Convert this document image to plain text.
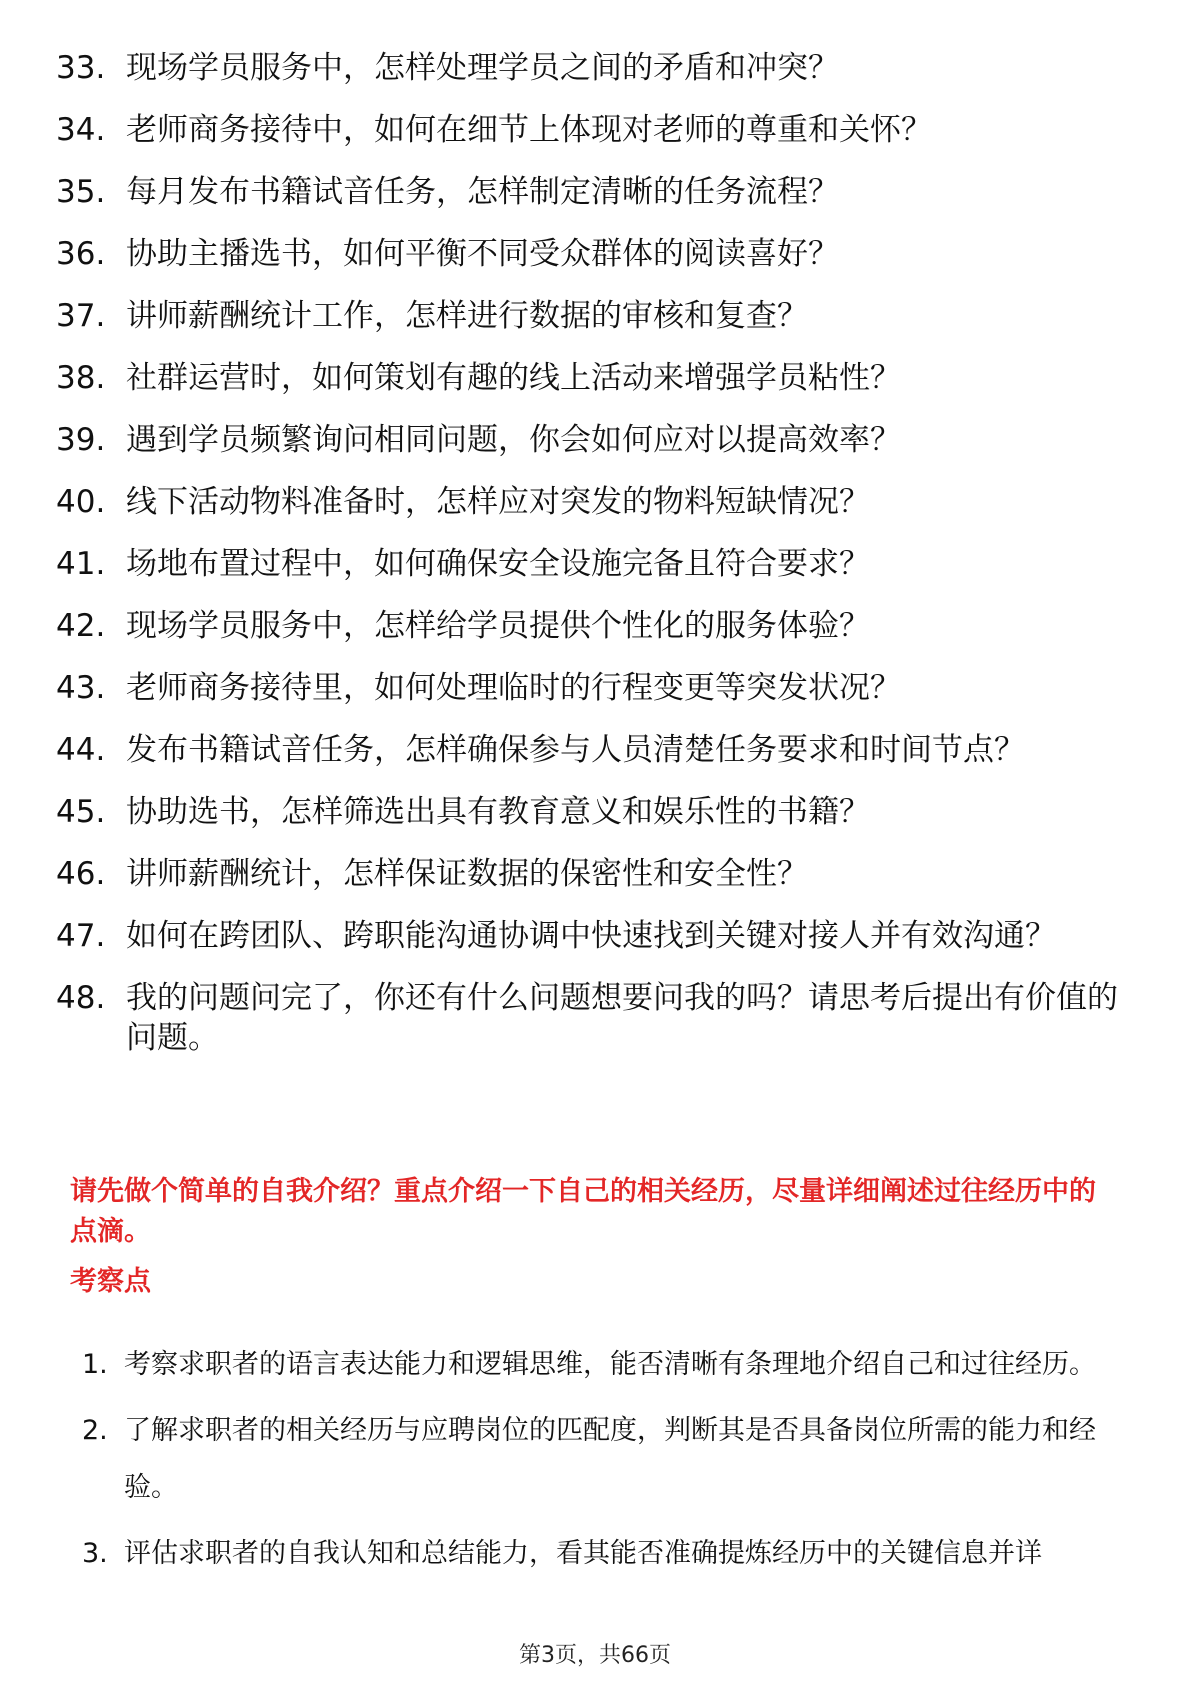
33. 现场学员服务中，怎样处理学员之间的矛盾和冲突？
34. 老师商务接待中，如何在细节上体现对老师的尊重和关怀？
35. 每月发布书籍试音任务，怎样制定清晰的任务流程？
36. 协助主播选书，如何平衡不同受众群体的阅读喜好？
37. 讲师薪酬统计工作，怎样进行数据的审核和复查？
38. 社群运营时，如何策划有趣的线上活动来增强学员粘性？
39. 遇到学员频繁询问相同问题，你会如何应对以提高效率？
40. 线下活动物料准备时，怎样应对突发的物料短缺情况？
41. 场地布置过程中，如何确保安全设施完备且符合要求？
42. 现场学员服务中，怎样给学员提供个性化的服务体验？
43. 老师商务接待里，如何处理临时的行程变更等突发状况？
44. 发布书籍试音任务，怎样确保参与人员清楚任务要求和时间节点？
45. 协助选书，怎样筛选出具有教育意义和娱乐性的书籍？
46. 讲师薪酬统计，怎样保证数据的保密性和安全性？
47. 如何在跨团队、跨职能沟通协调中快速找到关键对接人并有效沟通？
48. 我的问题问完了，你还有什么问题想要问我的吗？请思考后提出有价值的问题。

请先做个简单的自我介绍？重点介绍一下自己的相关经历，尽量详细阐述过往经历中的点滴。

考察点
1. 考察求职者的语言表达能力和逻辑思维，能否清晰有条理地介绍自己和过往经历。
2. 了解求职者的相关经历与应聘岗位的匹配度，判断其是否具备岗位所需的能力和经验。
3. 评估求职者的自我认知和总结能力，看其能否准确提炼经历中的关键信息并详
第3页，共66页
